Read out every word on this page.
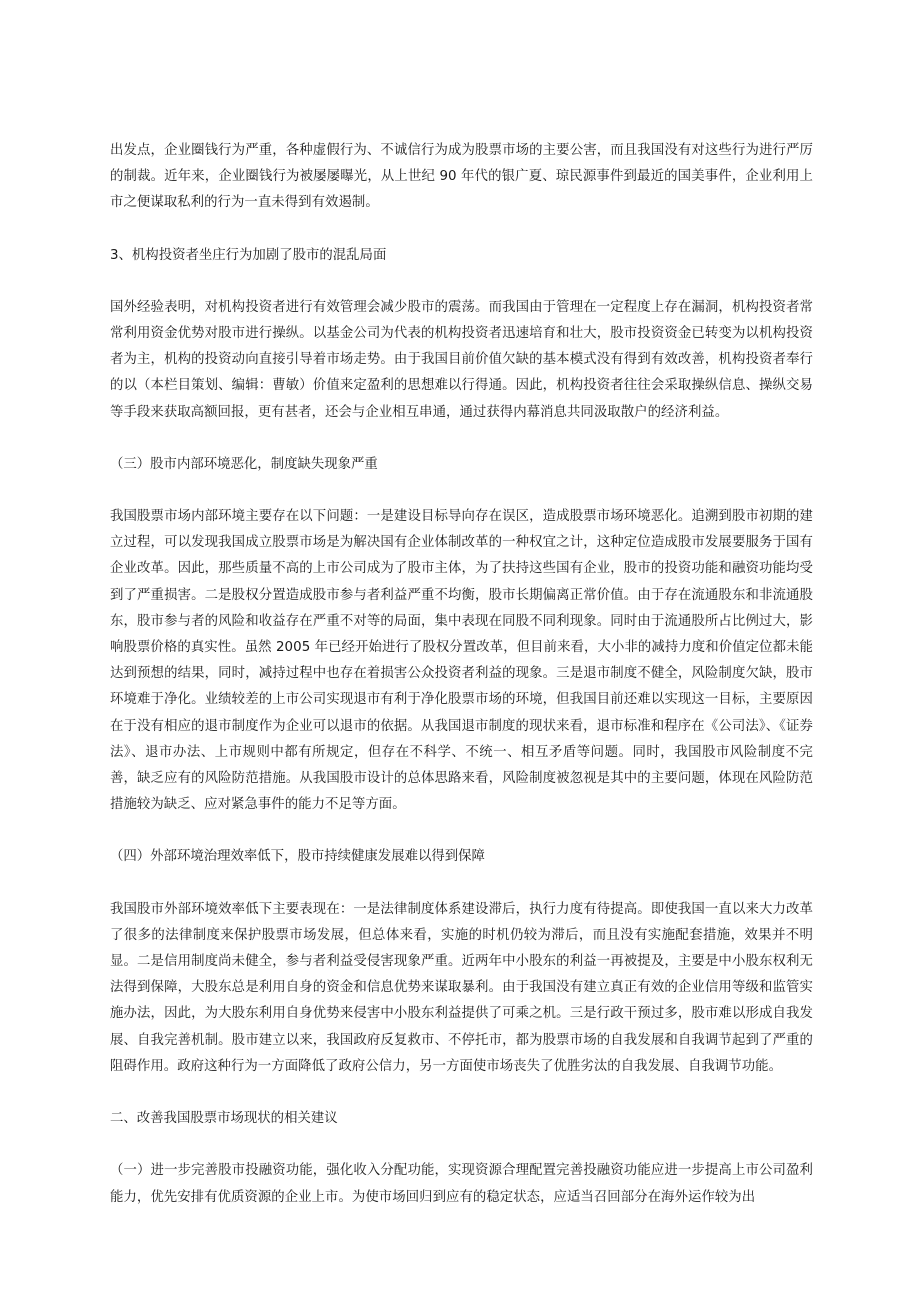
出发点，企业圈钱行为严重，各种虚假行为、不诚信行为成为股票市场的主要公害，而且我国没有对这些行为进行严厉的制裁。近年来，企业圈钱行为被屡屡曝光，从上世纪 90 年代的银广夏、琼民源事件到最近的国美事件，企业利用上市之便谋取私利的行为一直未得到有效遏制。

3、机构投资者坐庄行为加剧了股市的混乱局面

国外经验表明，对机构投资者进行有效管理会减少股市的震荡。而我国由于管理在一定程度上存在漏洞，机构投资者常常利用资金优势对股市进行操纵。以基金公司为代表的机构投资者迅速培育和壮大，股市投资资金已转变为以机构投资者为主，机构的投资动向直接引导着市场走势。由于我国目前价值欠缺的基本模式没有得到有效改善，机构投资者奉行的以（本栏目策划、编辑：曹敏）价值来定盈利的思想难以行得通。因此，机构投资者往往会采取操纵信息、操纵交易等手段来获取高额回报，更有甚者，还会与企业相互串通，通过获得内幕消息共同汲取散户的经济利益。

（三）股市内部环境恶化，制度缺失现象严重

我国股票市场内部环境主要存在以下问题：一是建设目标导向存在误区，造成股票市场环境恶化。追溯到股市初期的建立过程，可以发现我国成立股票市场是为解决国有企业体制改革的一种权宜之计，这种定位造成股市发展要服务于国有企业改革。因此，那些质量不高的上市公司成为了股市主体，为了扶持这些国有企业，股市的投资功能和融资功能均受到了严重损害。二是股权分置造成股市参与者利益严重不均衡，股市长期偏离正常价值。由于存在流通股东和非流通股东，股市参与者的风险和收益存在严重不对等的局面，集中表现在同股不同利现象。同时由于流通股所占比例过大，影响股票价格的真实性。虽然 2005 年已经开始进行了股权分置改革，但目前来看，大小非的减持力度和价值定位都未能达到预想的结果，同时，减持过程中也存在着损害公众投资者利益的现象。三是退市制度不健全，风险制度欠缺，股市环境难于净化。业绩较差的上市公司实现退市有利于净化股票市场的环境，但我国目前还难以实现这一目标，主要原因在于没有相应的退市制度作为企业可以退市的依据。从我国退市制度的现状来看，退市标准和程序在《公司法》、《证券法》、退市办法、上市规则中都有所规定，但存在不科学、不统一、相互矛盾等问题。同时，我国股市风险制度不完善，缺乏应有的风险防范措施。从我国股市设计的总体思路来看，风险制度被忽视是其中的主要问题，体现在风险防范措施较为缺乏、应对紧急事件的能力不足等方面。

（四）外部环境治理效率低下，股市持续健康发展难以得到保障

我国股市外部环境效率低下主要表现在：一是法律制度体系建设滞后，执行力度有待提高。即使我国一直以来大力改革了很多的法律制度来保护股票市场发展，但总体来看，实施的时机仍较为滞后，而且没有实施配套措施，效果并不明显。二是信用制度尚未健全，参与者利益受侵害现象严重。近两年中小股东的利益一再被提及，主要是中小股东权利无法得到保障，大股东总是利用自身的资金和信息优势来谋取暴利。由于我国没有建立真正有效的企业信用等级和监管实施办法，因此，为大股东利用自身优势来侵害中小股东利益提供了可乘之机。三是行政干预过多，股市难以形成自我发展、自我完善机制。股市建立以来，我国政府反复救市、不停托市，都为股票市场的自我发展和自我调节起到了严重的阻碍作用。政府这种行为一方面降低了政府公信力，另一方面使市场丧失了优胜劣汰的自我发展、自我调节功能。

二、改善我国股票市场现状的相关建议

（一）进一步完善股市投融资功能，强化收入分配功能，实现资源合理配置完善投融资功能应进一步提高上市公司盈利能力，优先安排有优质资源的企业上市。为使市场回归到应有的稳定状态，应适当召回部分在海外运作较为出
